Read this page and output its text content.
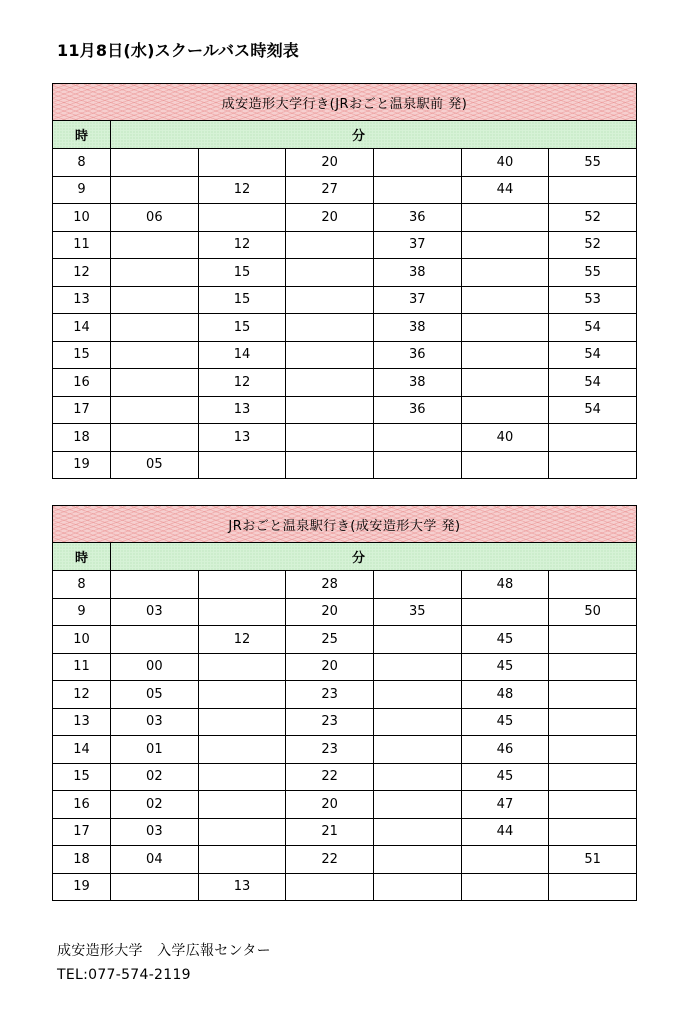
11月8日(水)スクールバス時刻表
成安造形大学行き(JRおごと温泉駅前 発)						
時	分					
8			20		40	55
9		12	27		44	
10	06		20	36		52
11		12		37		52
12		15		38		55
13		15		37		53
14		15		38		54
15		14		36		54
16		12		38		54
17		13		36		54
18		13			40	
19	05					
JRおごと温泉駅行き(成安造形大学 発)						
時	分					
8			28		48	
9	03		20	35		50
10		12	25		45	
11	00		20		45	
12	05		23		48	
13	03		23		45	
14	01		23		46	
15	02		22		45	
16	02		20		47	
17	03		21		44	
18	04		22			51
19		13				
成安造形大学　入学広報センター
TEL:077-574-2119
